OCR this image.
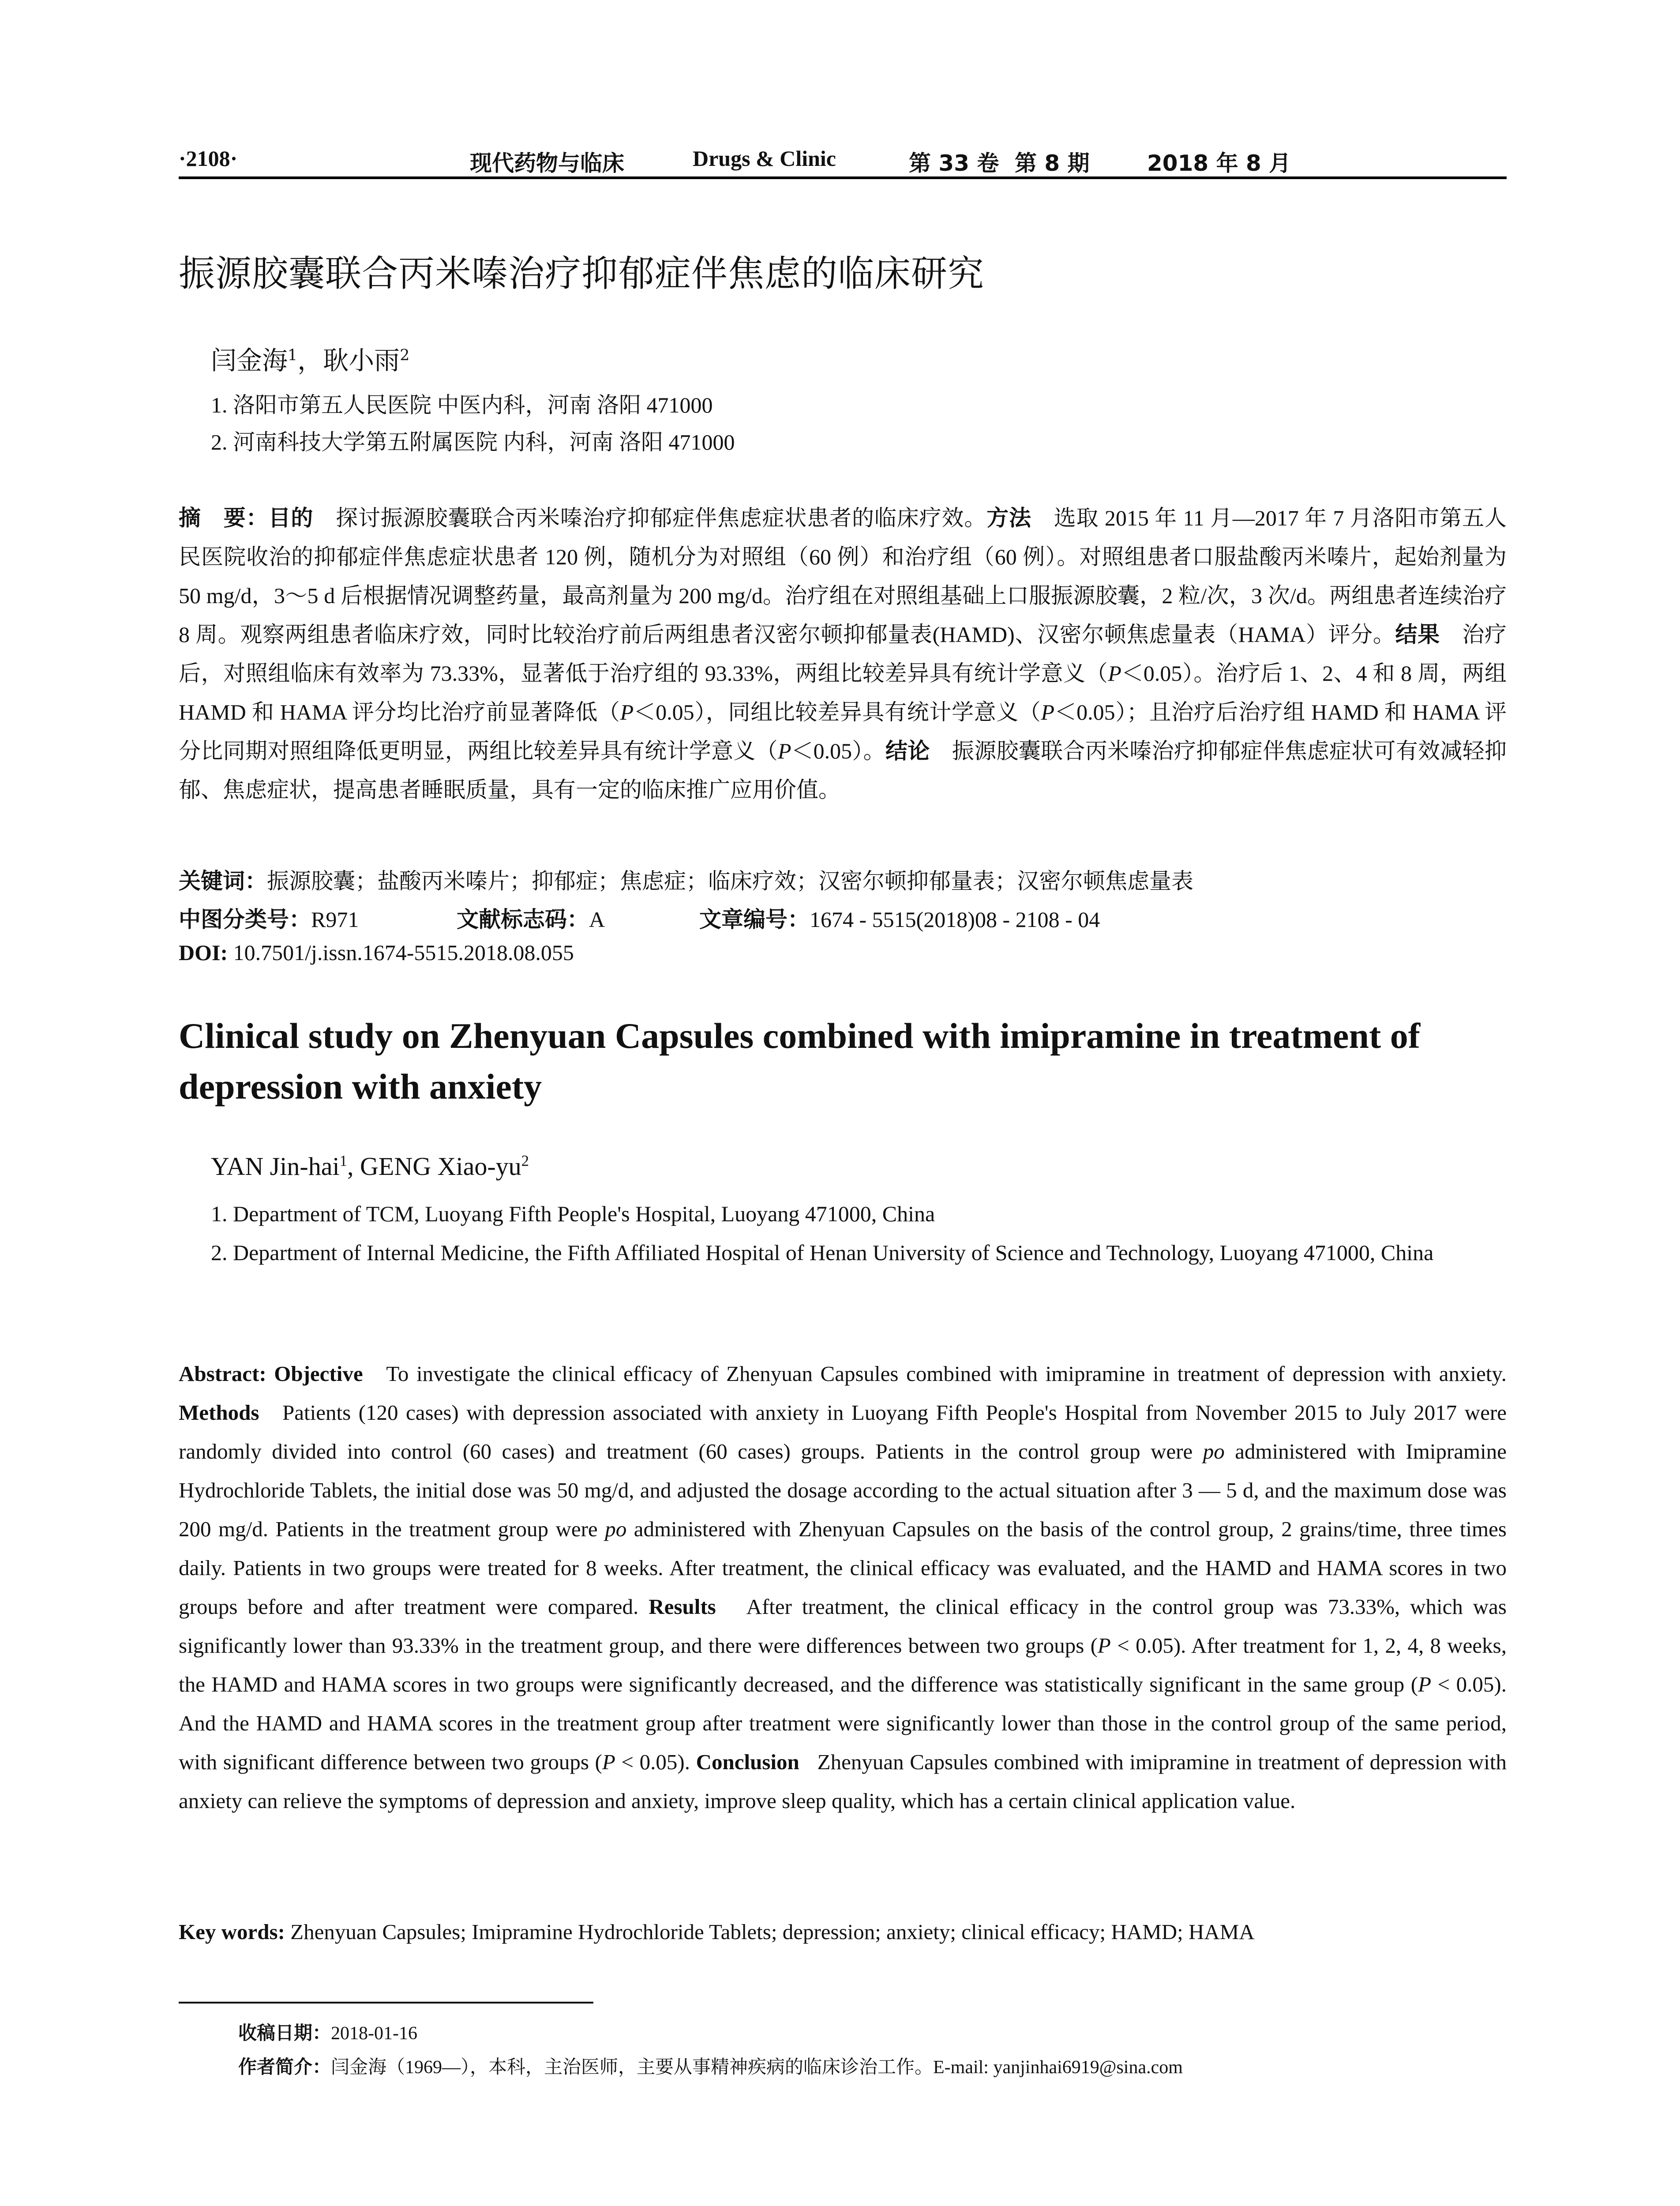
·2108·	现代药物与临床	Drugs & Clinic	第 33 卷 第 8 期	2018 年 8 月
振源胶囊联合丙米嗪治疗抑郁症伴焦虑的临床研究
闫金海$^1$，耿小雨$^2$
1. 洛阳市第五人民医院 中医内科，河南 洛阳 471000
2. 河南科技大学第五附属医院 内科，河南 洛阳 471000
摘　要：目的　 探讨振源胶囊联合丙米嗪治疗抑郁症伴焦虑症状患者的临床疗效。方法　 选取 2015 年 11 月—2017 年 7 月洛阳市第五人民医院收治的抑郁症伴焦虑症状患者 120 例，随机分为对照组（60 例）和治疗组（60 例）。对照组患者口服盐酸丙米嗪片，起始剂量为 50 mg/d，3～5 d 后根据情况调整药量，最高剂量为 200 mg/d。治疗组在对照组基础上口服振源胶囊，2 粒/次，3 次/d。两组患者连续治疗 8 周。观察两组患者临床疗效，同时比较治疗前后两组患者汉密尔顿抑郁量表(HAMD)、汉密尔顿焦虑量表（HAMA）评分。结果　 治疗后，对照组临床有效率为 73.33%，显著低于治疗组的 93.33%，两组比较差异具有统计学意义（P＜0.05）。治疗后 1、2、4 和 8 周，两组 HAMD 和 HAMA 评分均比治疗前显著降低（P＜0.05），同组比较差异具有统计学意义（P＜0.05）；且治疗后治疗组 HAMD 和 HAMA 评分比同期对照组降低更明显，两组比较差异具有统计学意义（P＜0.05）。结论　 振源胶囊联合丙米嗪治疗抑郁症伴焦虑症状可有效减轻抑郁、焦虑症状，提高患者睡眠质量，具有一定的临床推广应用价值。
关键词：振源胶囊；盐酸丙米嗪片；抑郁症；焦虑症；临床疗效；汉密尔顿抑郁量表；汉密尔顿焦虑量表
中图分类号：R971	文献标志码：A	文章编号：1674 - 5515(2018)08 - 2108 - 04
DOI: 10.7501/j.issn.1674-5515.2018.08.055
Clinical study on Zhenyuan Capsules combined with imipramine in treatment of depression with anxiety
YAN Jin-hai$^1$, GENG Xiao-$yu^2$
1. Department of TCM, Luoyang Fifth People's Hospital, Luoyang 471000, China
2. Department of Internal Medicine, the Fifth Affiliated Hospital of Henan University of Science and Technology, Luoyang 471000, China
Abstract: Objective To investigate the clinical efficacy of Zhenyuan Capsules combined with imipramine in treatment of depression with anxiety. Methods Patients (120 cases) with depression associated with anxiety in Luoyang Fifth People's Hospital from November 2015 to July 2017 were randomly divided into control (60 cases) and treatment (60 cases) groups. Patients in the control group were po administered with Imipramine Hydrochloride Tablets, the initial dose was 50 mg/d, and adjusted the dosage according to the actual situation after 3 — 5 d, and the maximum dose was 200 mg/d. Patients in the treatment group were po administered with Zhenyuan Capsules on the basis of the control group, 2 grains/time, three times daily. Patients in two groups were treated for 8 weeks. After treatment, the clinical efficacy was evaluated, and the HAMD and HAMA scores in two groups before and after treatment were compared. Results After treatment, the clinical efficacy in the control group was 73.33%, which was significantly lower than 93.33% in the treatment group, and there were differences between two groups (P < 0.05). After treatment for 1, 2, 4, 8 weeks, the HAMD and HAMA scores in two groups were significantly decreased, and the difference was statistically significant in the same group (P < 0.05). And the HAMD and HAMA scores in the treatment group after treatment were significantly lower than those in the control group of the same period, with significant difference between two groups (P < 0.05). Conclusion Zhenyuan Capsules combined with imipramine in treatment of depression with anxiety can relieve the symptoms of depression and anxiety, improve sleep quality, which has a certain clinical application value.
Key words: Zhenyuan Capsules; Imipramine Hydrochloride Tablets; depression; anxiety; clinical efficacy; HAMD; HAMA
收稿日期：2018-01-16
作者简介：闫金海（1969—），本科，主治医师，主要从事精神疾病的临床诊治工作。E-mail: yanjinhai6919@sina.com
